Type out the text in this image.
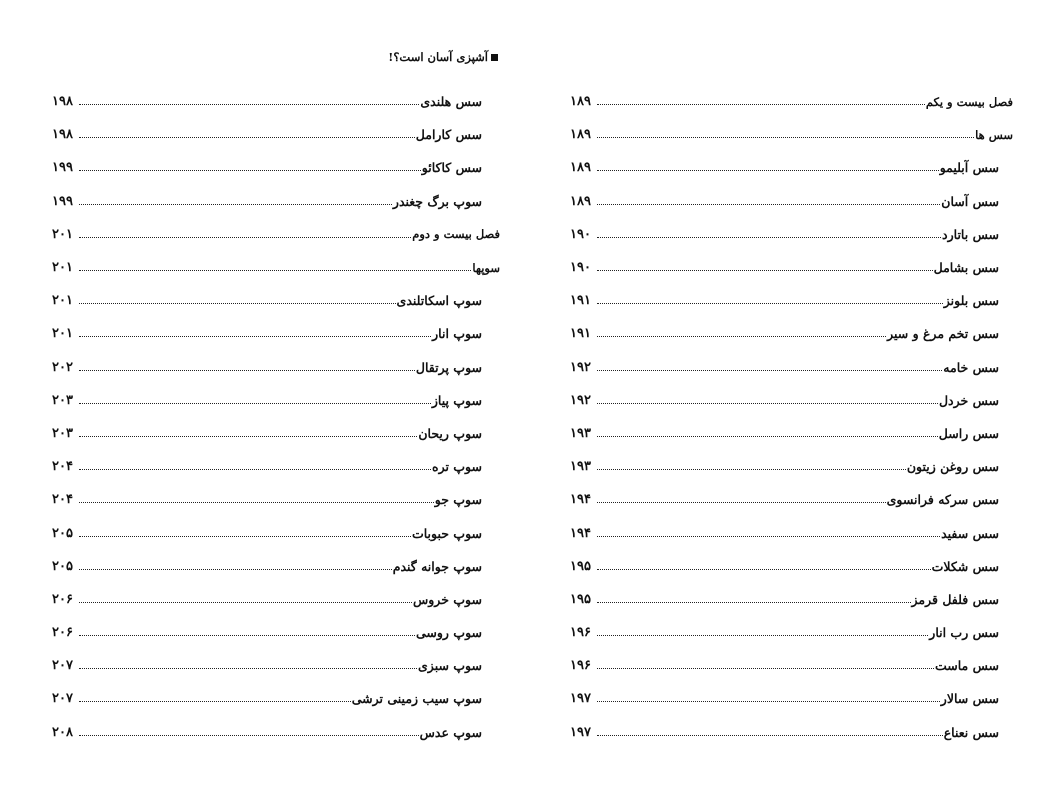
آشپزی آسان است؟!
فصل بیست و یکم
۱۸۹
سس ها
۱۸۹
سس آبلیمو
۱۸۹
سس آسان
۱۸۹
سس باتارد
۱۹۰
سس بشامل
۱۹۰
سس بلونز
۱۹۱
سس تخم مرغ و سیر
۱۹۱
سس خامه
۱۹۲
سس خردل
۱۹۲
سس راسل
۱۹۳
سس روغن زیتون
۱۹۳
سس سرکه فرانسوی
۱۹۴
سس سفید
۱۹۴
سس شکلات
۱۹۵
سس فلفل قرمز
۱۹۵
سس رب انار
۱۹۶
سس ماست
۱۹۶
سس سالار
۱۹۷
سس نعناع
۱۹۷
سس هلندی
۱۹۸
سس کارامل
۱۹۸
سس کاکائو
۱۹۹
سوپ برگ چغندر
۱۹۹
فصل بیست و دوم
۲۰۱
سوپها
۲۰۱
سوپ اسکاتلندی
۲۰۱
سوپ انار
۲۰۱
سوپ پرتقال
۲۰۲
سوپ پیاز
۲۰۳
سوپ ریحان
۲۰۳
سوپ تره
۲۰۴
سوپ جو
۲۰۴
سوپ حبوبات
۲۰۵
سوپ جوانه گندم
۲۰۵
سوپ خروس
۲۰۶
سوپ روسی
۲۰۶
سوپ سبزی
۲۰۷
سوپ سیب زمینی ترشی
۲۰۷
سوپ عدس
۲۰۸
